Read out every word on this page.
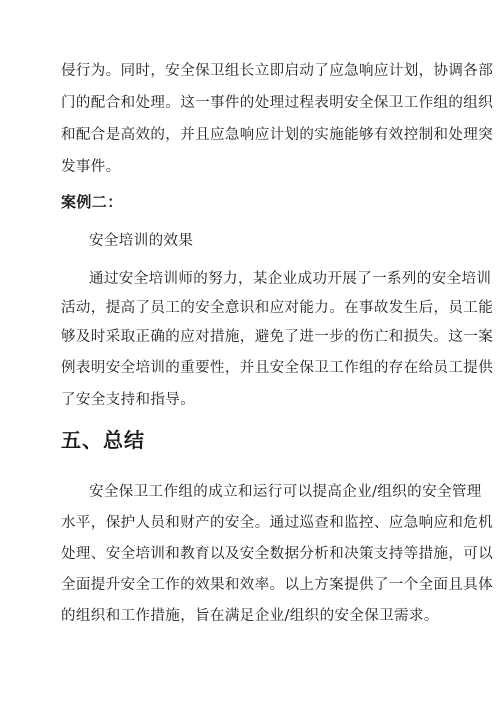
侵行为。同时，安全保卫组长立即启动了应急响应计划，协调各部
门的配合和处理。这一事件的处理过程表明安全保卫工作组的组织
和配合是高效的，并且应急响应计划的实施能够有效控制和处理突
发事件。
案例二：
安全培训的效果
通过安全培训师的努力，某企业成功开展了一系列的安全培训
活动，提高了员工的安全意识和应对能力。在事故发生后，员工能
够及时采取正确的应对措施，避免了进一步的伤亡和损失。这一案
例表明安全培训的重要性，并且安全保卫工作组的存在给员工提供
了安全支持和指导。
五、总结
安全保卫工作组的成立和运行可以提高企业/组织的安全管理
水平，保护人员和财产的安全。通过巡查和监控、应急响应和危机
处理、安全培训和教育以及安全数据分析和决策支持等措施，可以
全面提升安全工作的效果和效率。以上方案提供了一个全面且具体
的组织和工作措施，旨在满足企业/组织的安全保卫需求。
